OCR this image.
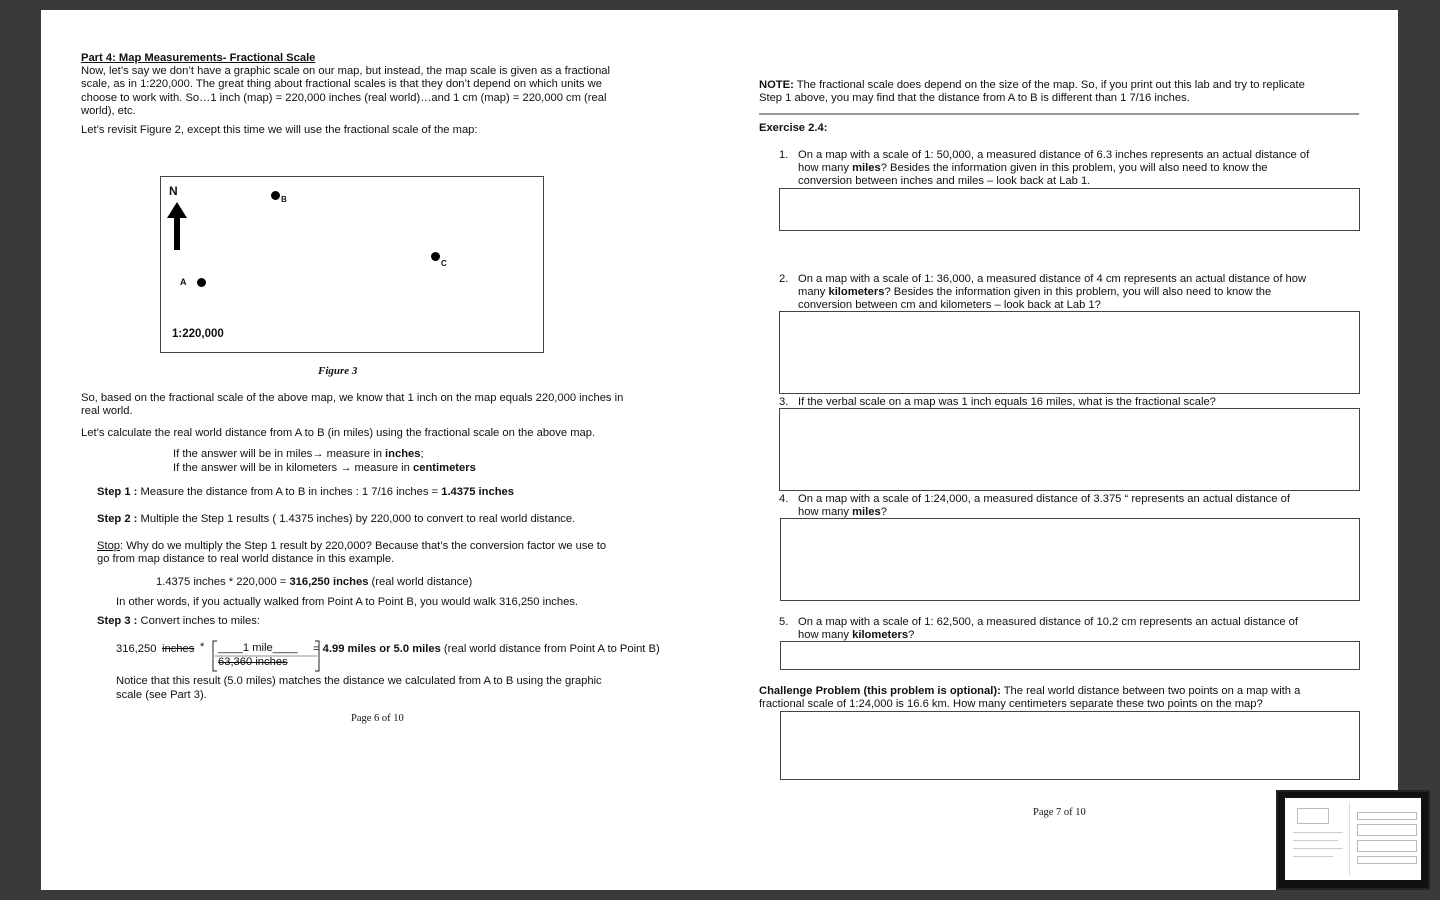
Part 4: Map Measurements- Fractional Scale
Now, let’s say we don’t have a graphic scale on our map, but instead, the map scale is given as a fractional
scale, as in 1:220,000. The great thing about fractional scales is that they don’t depend on which units we
choose to work with. So…1 inch (map) = 220,000 inches (real world)…and 1 cm (map) = 220,000 cm (real
world), etc.
Let’s revisit Figure 2, except this time we will use the fractional scale of the map:
N
B
C
A
1:220,000
Figure 3
So, based on the fractional scale of the above map, we know that 1 inch on the map equals 220,000 inches in
real world.
Let’s calculate the real world distance from A to B (in miles) using the fractional scale on the above map.
If the answer will be in miles→ measure in inches;
If the answer will be in kilometers → measure in centimeters
Step 1 : Measure the distance from A to B in inches : 1 7/16 inches = 1.4375 inches
Step 2 : Multiple the Step 1 results ( 1.4375 inches) by 220,000 to convert to real world distance.
Stop: Why do we multiply the Step 1 result by 220,000? Because that’s the conversion factor we use to
go from map distance to real world distance in this example.
1.4375 inches * 220,000 = 316,250 inches (real world distance)
In other words, if you actually walked from Point A to Point B, you would walk 316,250 inches.
Step 3 : Convert inches to miles:
316,250 inches * ____1 mile____
63,360 inches
= 4.99 miles or 5.0 miles (real world distance from Point A to Point B)
Notice that this result (5.0 miles) matches the distance we calculated from A to B using the graphic
scale (see Part 3).
Page 6 of 10
NOTE: The fractional scale does depend on the size of the map. So, if you print out this lab and try to replicate
Step 1 above, you may find that the distance from A to B is different than 1 7/16 inches.
Exercise 2.4:
1. On a map with a scale of 1: 50,000, a measured distance of 6.3 inches represents an actual distance of
how many miles? Besides the information given in this problem, you will also need to know the
conversion between inches and miles – look back at Lab 1.
2. On a map with a scale of 1: 36,000, a measured distance of 4 cm represents an actual distance of how
many kilometers? Besides the information given in this problem, you will also need to know the
conversion between cm and kilometers – look back at Lab 1?
3. If the verbal scale on a map was 1 inch equals 16 miles, what is the fractional scale?
4. On a map with a scale of 1:24,000, a measured distance of 3.375 “ represents an actual distance of
how many miles?
5. On a map with a scale of 1: 62,500, a measured distance of 10.2 cm represents an actual distance of
how many kilometers?
Challenge Problem (this problem is optional): The real world distance between two points on a map with a
fractional scale of 1:24,000 is 16.6 km. How many centimeters separate these two points on the map?
Page 7 of 10
